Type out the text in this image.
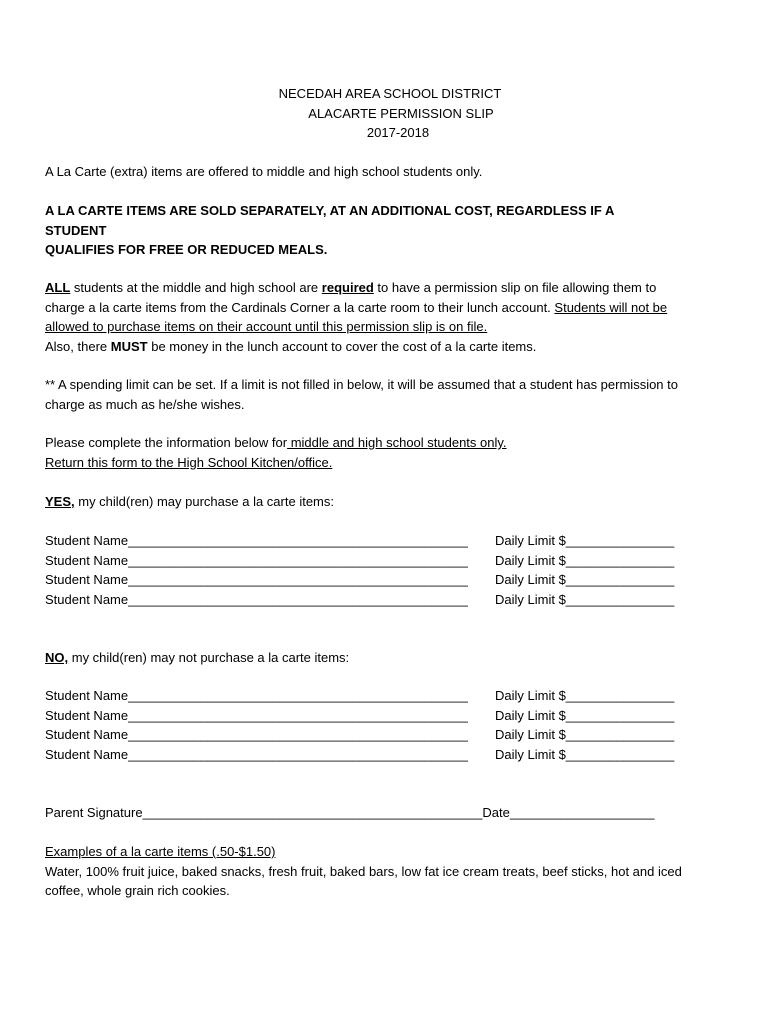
NECEDAH AREA SCHOOL DISTRICT
ALACARTE PERMISSION SLIP
2017-2018
A La Carte (extra) items are offered to middle and high school students only.
A LA CARTE ITEMS ARE SOLD SEPARATELY, AT AN ADDITIONAL COST, REGARDLESS IF A
STUDENT
QUALIFIES FOR FREE OR REDUCED MEALS.
ALL students at the middle and high school are required to have a permission slip on file allowing them to
charge a la carte items from the Cardinals Corner a la carte room to their lunch account. Students will not be
allowed to purchase items on their account until this permission slip is on file.
Also, there MUST be money in the lunch account to cover the cost of a la carte items.
** A spending limit can be set. If a limit is not filled in below, it will be assumed that a student has permission to
charge as much as he/she wishes.
Please complete the information below for middle and high school students only.
Return this form to the High School Kitchen/office.
YES, my child(ren) may purchase a la carte items:
Student Name_______________________________________________ Daily Limit $_______________
Student Name_______________________________________________ Daily Limit $_______________
Student Name_______________________________________________ Daily Limit $_______________
Student Name_______________________________________________ Daily Limit $_______________
NO, my child(ren) may not purchase a la carte items:
Student Name_______________________________________________ Daily Limit $_______________
Student Name_______________________________________________ Daily Limit $_______________
Student Name_______________________________________________ Daily Limit $_______________
Student Name_______________________________________________ Daily Limit $_______________
Parent Signature_______________________________________________Date____________________
Examples of a la carte items (.50-$1.50)
Water, 100% fruit juice, baked snacks, fresh fruit, baked bars, low fat ice cream treats, beef sticks, hot and iced
coffee, whole grain rich cookies.
